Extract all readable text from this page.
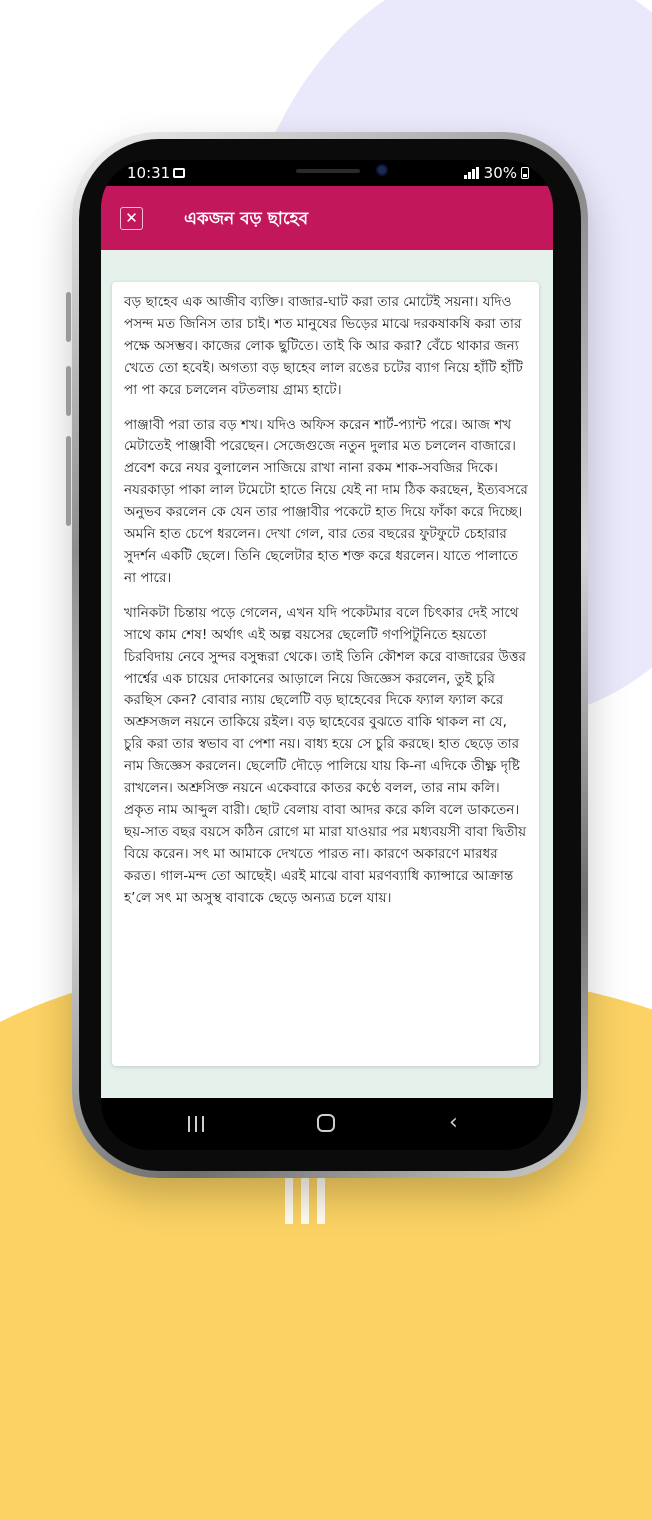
10:31	30%
✕	একজন বড় ছাহেব

বড় ছাহেব এক আজীব ব্যক্তি। বাজার-ঘাট করা তার মোটেই সয়না। যদিও পসন্দ মত জিনিস তার চাই। শত মানুষের ভিড়ের মাঝে দরকষাকষি করা তার পক্ষে অসম্ভব। কাজের লোক ছুটিতে। তাই কি আর করা? বেঁচে থাকার জন্য খেতে তো হবেই। অগত্যা বড় ছাহেব লাল রঙের চটের ব্যাগ নিয়ে হাঁটি হাঁটি পা পা করে চললেন বটতলায় গ্রাম্য হাটে।

পাঞ্জাবী পরা তার বড় শখ। যদিও অফিস করেন শার্ট-প্যান্ট পরে। আজ শখ মেটাতেই পাঞ্জাবী পরেছেন। সেজেগুজে নতুন দুলার মত চললেন বাজারে। প্রবেশ করে নযর বুলালেন সাজিয়ে রাখা নানা রকম শাক-সবজির দিকে। নযরকাড়া পাকা লাল টমেটো হাতে নিয়ে যেই না দাম ঠিক করছেন, ইত্যবসরে অনুভব করলেন কে যেন তার পাঞ্জাবীর পকেটে হাত দিয়ে ফাঁকা করে দিচ্ছে। অমনি হাত চেপে ধরলেন। দেখা গেল, বার তের বছরের ফুটফুটে চেহারার সুদর্শন একটি ছেলে। তিনি ছেলেটার হাত শক্ত করে ধরলেন। যাতে পালাতে না পারে।

খানিকটা চিন্তায় পড়ে গেলেন, এখন যদি পকেটমার বলে চিৎকার দেই সাথে সাথে কাম শেষ! অর্থাৎ এই অল্প বয়সের ছেলেটি গণপিটুনিতে হয়তো চিরবিদায় নেবে সুন্দর বসুন্ধরা থেকে। তাই তিনি কৌশল করে বাজারের উত্তর পার্শ্বের এক চায়ের দোকানের আড়ালে নিয়ে জিজ্ঞেস করলেন, তুই চুরি করছিস কেন? বোবার ন্যায় ছেলেটি বড় ছাহেবের দিকে ফ্যাল ফ্যাল করে অশ্রুসজল নয়নে তাকিয়ে রইল। বড় ছাহেবের বুঝতে বাকি থাকল না যে, চুরি করা তার স্বভাব বা পেশা নয়। বাধ্য হয়ে সে চুরি করছে। হাত ছেড়ে তার নাম জিজ্ঞেস করলেন। ছেলেটি দৌড়ে পালিয়ে যায় কি-না এদিকে তীক্ষ্ণ দৃষ্টি রাখলেন। অশ্রুসিক্ত নয়নে একেবারে কাতর কণ্ঠে বলল, তার নাম কলি। প্রকৃত নাম আব্দুল বারী। ছোট বেলায় বাবা আদর করে কলি বলে ডাকতেন। ছয়-সাত বছর বয়সে কঠিন রোগে মা মারা যাওয়ার পর মধ্যবয়সী বাবা দ্বিতীয় বিয়ে করেন। সৎ মা আমাকে দেখতে পারত না। কারণে অকারণে মারধর করত। গাল-মন্দ তো আছেই। এরই মাঝে বাবা মরণব্যাধি ক্যান্সারে আক্রান্ত হ’লে সৎ মা অসুস্থ বাবাকে ছেড়ে অন্যত্র চলে যায়।

‹
